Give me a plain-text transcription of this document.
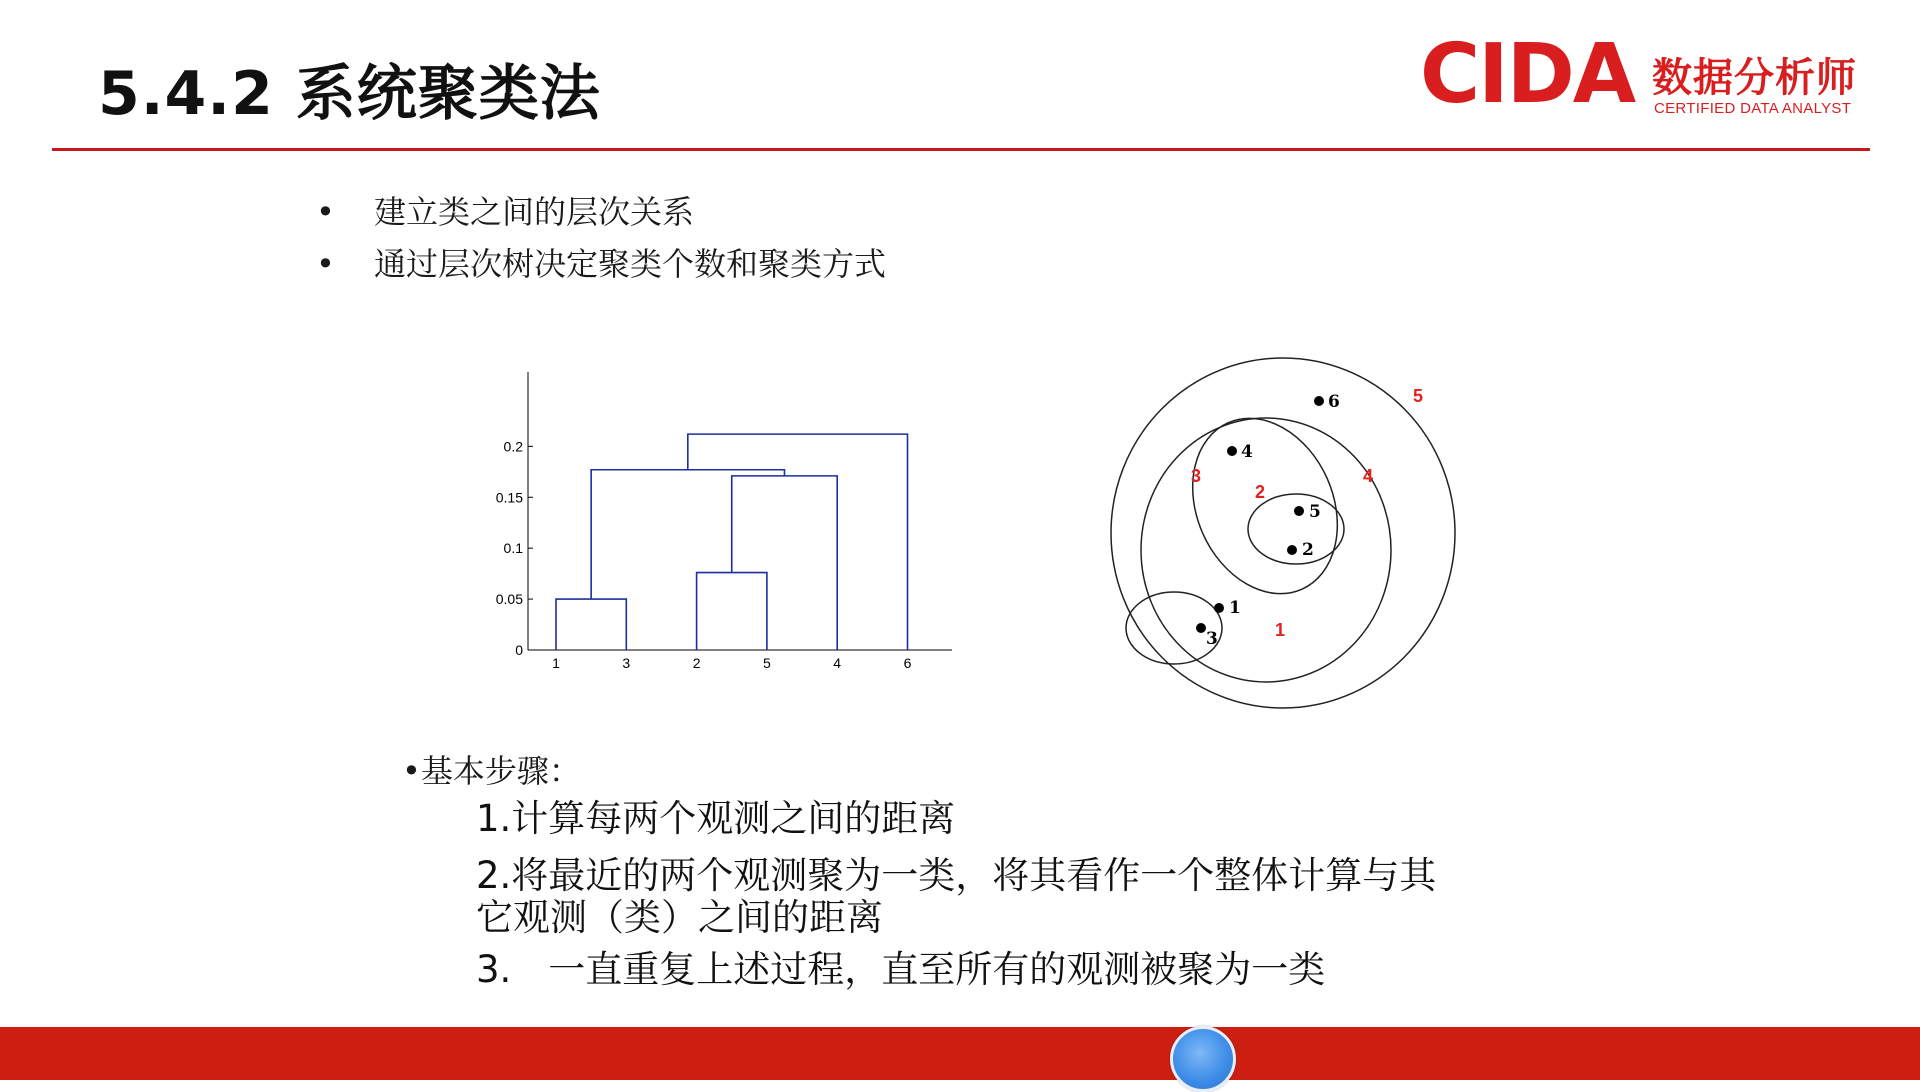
5.4.2 系统聚类法	CIDA 数据分析师
CERTIFIED DATA ANALYST
• 建立类之间的层次关系
• 通过层次树决定聚类个数和聚类方式
0
0.05
0.1
0.15
0.2
1	3	2	5	4	6
6
4
5
2
1
3
5
4
3
2
1
•基本步骤：
1.计算每两个观测之间的距离
2.将最近的两个观测聚为一类，将其看作一个整体计算与其
它观测（类）之间的距离
3.　一直重复上述过程，直至所有的观测被聚为一类
